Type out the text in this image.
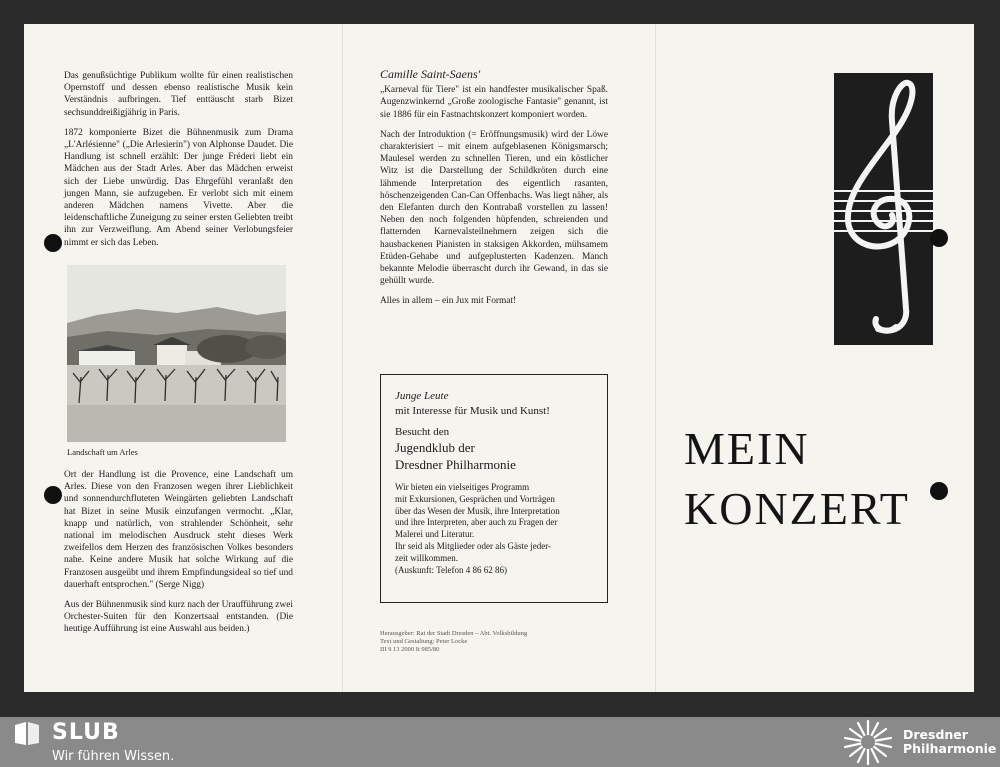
Das genußsüchtige Publikum wollte für einen realistischen Opernstoff und dessen ebenso realistische Musik kein Verständnis aufbringen. Tief enttäuscht starb Bizet sechsunddreißigjährig in Paris.

1872 komponierte Bizet die Bühnenmusik zum Drama „L'Arlésienne" („Die Arlesierin") von Alphonse Daudet. Die Handlung ist schnell erzählt: Der junge Fréderi liebt ein Mädchen aus der Stadt Arles. Aber das Mädchen erweist sich der Liebe unwürdig. Das Ehrgefühl veranlaßt den jungen Mann, sie aufzugeben. Er verlobt sich mit einem anderen Mädchen namens Vivette. Aber die leidenschaftliche Zuneigung zu seiner ersten Geliebten treibt ihn zur Verzweiflung. Am Abend seiner Verlobungsfeier nimmt er sich das Leben.

Landschaft um Arles

Ort der Handlung ist die Provence, eine Landschaft um Arles. Diese von den Franzosen wegen ihrer Lieblichkeit und sonnendurchfluteten Weingärten geliebten Landschaft hat Bizet in seine Musik einzufangen vermocht. „Klar, knapp und natürlich, von strahlender Schönheit, sehr national im melodischen Ausdruck steht dieses Werk zweifellos dem Herzen des französischen Volkes besonders nahe. Keine andere Musik hat solche Wirkung auf die Franzosen ausgeübt und ihrem Empfindungsideal so tief und dauerhaft entsprochen." (Serge Nigg)

Aus der Bühnenmusik sind kurz nach der Uraufführung zwei Orchester-Suiten für den Konzertsaal entstanden. (Die heutige Aufführung ist eine Auswahl aus beiden.)

Camille Saint-Saens'

„Karneval für Tiere" ist ein handfester musikalischer Spaß. Augenzwinkernd „Große zoologische Fantasie" genannt, ist sie 1886 für ein Fastnachtskonzert komponiert worden.

Nach der Introduktion (= Eröffnungsmusik) wird der Löwe charakterisiert – mit einem aufgeblasenen Königsmarsch; Maulesel werden zu schnellen Tieren, und ein köstlicher Witz ist die Darstellung der Schildkröten durch eine lähmende Interpretation des eigentlich rasanten, höschenzeigenden Can-Can Offenbachs. Was liegt näher, als den Elefanten durch den Kontrabaß vorstellen zu lassen! Neben den noch folgenden hüpfenden, schreienden und flatternden Karnevalsteilnehmern zeigen sich die hausbackenen Pianisten in staksigen Akkorden, mühsamem Etüden-Gehabe und aufgeplusterten Kadenzen. Manch bekannte Melodie überrascht durch ihr Gewand, in das sie gehüllt wurde.

Alles in allem – ein Jux mit Format!

Junge Leute
mit Interesse für Musik und Kunst!
Besucht den
Jugendklub der
Dresdner Philharmonie
Wir bieten ein vielseitiges Programm
mit Exkursionen, Gesprächen und Vorträgen
über das Wesen der Musik, ihre Interpretation
und ihre Interpreten, aber auch zu Fragen der
Malerei und Literatur.
Ihr seid als Mitglieder oder als Gäste jeder-
zeit willkommen.
(Auskunft: Telefon 4 86 62 86)
Herausgeber: Rat der Stadt Dresden – Abt. Volksbildung
Text und Gestaltung: Peter Locke
III 9 13 2000 It 985/80
MEIN
KONZERT
SLUB
Wir führen Wissen.
Dresdner
Philharmonie
